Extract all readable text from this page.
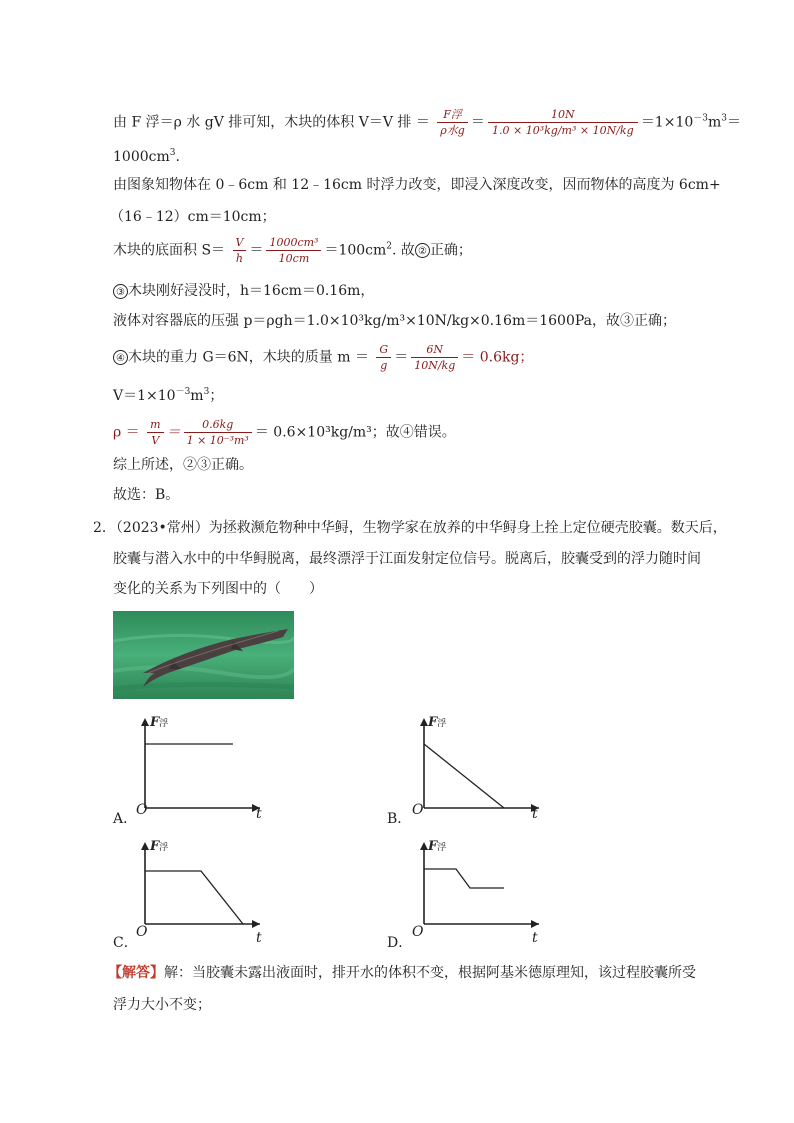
由 F 浮＝ρ 水 gV 排可知，木块的体积 V＝V 排 ＝ $\frac{\text{F浮}}{\text{ρ水g}} = \frac{10N}{\text{1.0 × 10³kg/m³ × 10N/kg}} =1\times 10^{-3}m^3=$
$1000cm^3$.
由图象知物体在 0﹣6cm 和 12﹣16cm 时浮力改变，即浸入深度改变，因而物体的高度为 6cm+
（16﹣12）cm＝10cm；
木块的底面积 $S= \frac{V}{h} = \frac{\text{1000cm³}}{10cm} =100cm^2$. 故 ② 正确；
③ 木块刚好浸没时，h＝16cm＝0.16m，
液体对容器底的压强 p＝ρgh＝1.0×10³kg/m³×10N/kg×0.16m＝1600Pa，故③正确；
④ 木块的重力 G＝6N，木块的质量 $m = \frac{G}{g} = \frac{6N}{10N/kg} = 0.6kg$；
$V=1\times 10^{-3}m^3$；
$\rho = \frac{m}{V} = \frac{0.6kg}{\text{1 × 10⁻³m³}} = 0.6\times 10^3kg/m^3$；故④错误。
综上所述，②③正确。
故选：B。
2．（2023•常州）为拯救濒危物种中华鲟，生物学家在放养的中华鲟身上拴上定位硬壳胶囊。数天后，
胶囊与潜入水中的中华鲟脱离，最终漂浮于江面发射定位信号。脱离后，胶囊受到的浮力随时间
变化的关系为下列图中的（　　）
F浮
O	t
A．
F浮
O	t
B．
F浮
O	t
C．
F浮
O	t
D．
【解答】解：当胶囊未露出液面时，排开水的体积不变，根据阿基米德原理知，该过程胶囊所受
浮力大小不变；
